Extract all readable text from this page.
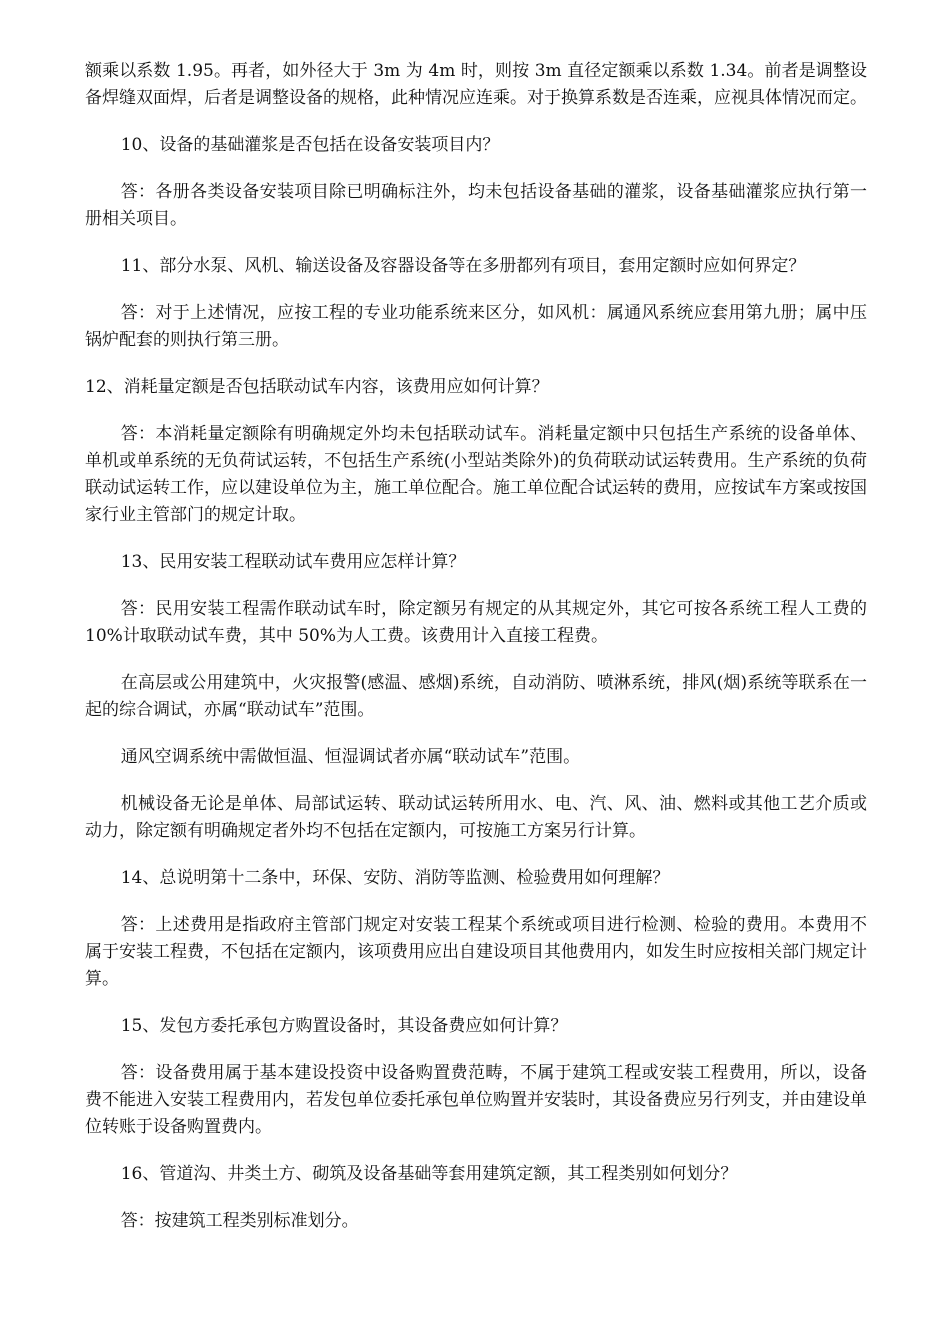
额乘以系数 1.95。再者，如外径大于 3m 为 4m 时，则按 3m 直径定额乘以系数 1.34。前者是调整设备焊缝双面焊，后者是调整设备的规格，此种情况应连乘。对于换算系数是否连乘，应视具体情况而定。

10、设备的基础灌浆是否包括在设备安装项目内？

答：各册各类设备安装项目除已明确标注外，均未包括设备基础的灌浆，设备基础灌浆应执行第一册相关项目。

11、部分水泵、风机、输送设备及容器设备等在多册都列有项目，套用定额时应如何界定？

答：对于上述情况，应按工程的专业功能系统来区分，如风机：属通风系统应套用第九册；属中压锅炉配套的则执行第三册。

12、消耗量定额是否包括联动试车内容，该费用应如何计算？

答：本消耗量定额除有明确规定外均未包括联动试车。消耗量定额中只包括生产系统的设备单体、单机或单系统的无负荷试运转，不包括生产系统(小型站类除外)的负荷联动试运转费用。生产系统的负荷联动试运转工作，应以建设单位为主，施工单位配合。施工单位配合试运转的费用，应按试车方案或按国家行业主管部门的规定计取。

13、民用安装工程联动试车费用应怎样计算？

答：民用安装工程需作联动试车时，除定额另有规定的从其规定外，其它可按各系统工程人工费的 10%计取联动试车费，其中 50%为人工费。该费用计入直接工程费。

在高层或公用建筑中，火灾报警(感温、感烟)系统，自动消防、喷淋系统，排风(烟)系统等联系在一起的综合调试，亦属“联动试车”范围。

通风空调系统中需做恒温、恒湿调试者亦属“联动试车”范围。

机械设备无论是单体、局部试运转、联动试运转所用水、电、汽、风、油、燃料或其他工艺介质或动力，除定额有明确规定者外均不包括在定额内，可按施工方案另行计算。

14、总说明第十二条中，环保、安防、消防等监测、检验费用如何理解？

答：上述费用是指政府主管部门规定对安装工程某个系统或项目进行检测、检验的费用。本费用不属于安装工程费，不包括在定额内，该项费用应出自建设项目其他费用内，如发生时应按相关部门规定计算。

15、发包方委托承包方购置设备时，其设备费应如何计算？

答：设备费用属于基本建设投资中设备购置费范畴，不属于建筑工程或安装工程费用，所以，设备费不能进入安装工程费用内，若发包单位委托承包单位购置并安装时，其设备费应另行列支，并由建设单位转账于设备购置费内。

16、管道沟、井类土方、砌筑及设备基础等套用建筑定额，其工程类别如何划分？

答：按建筑工程类别标准划分。
